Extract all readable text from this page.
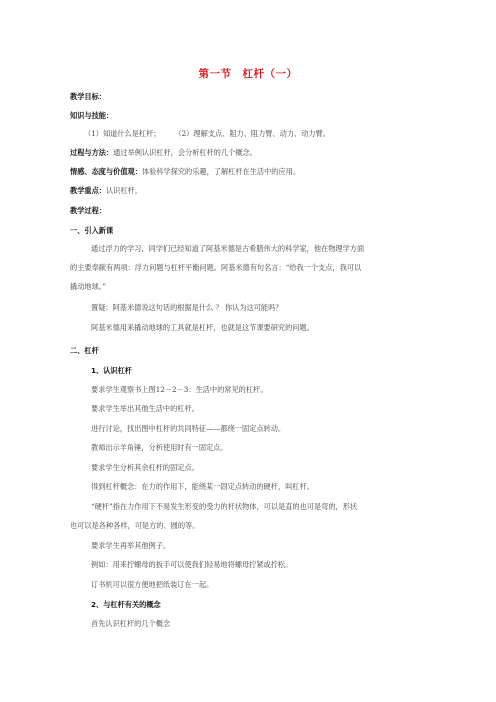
第一节　杠杆（一）
教学目标：
知识与技能：
（1）知道什么是杠杆； （2）理解支点、阻力、阻力臂、动力、动力臂。
过程与方法：通过举例认识杠杆，会分析杠杆的几个概念。
情感、态度与价值观：体验科学探究的乐趣，了解杠杆在生活中的应用。
教学重点：认识杠杆。
教学过程：
一、引入新课
通过浮力的学习，同学们已经知道了阿基米德是古希腊伟大的科学家，他在物理学方面
的主要奉献有两项：浮力问题与杠杆平衡问题。阿基米德有句名言：“给我一个支点，我可以
撬动地球。”
置疑：阿基米德说这句话的根据是什么 ？ 你认为这可能吗？
阿基米德用来撬动地球的工具就是杠杆，也就是这节课要研究的问题。
二、杠杆
1、认识杠杆
要求学生观察书上图12－2－3：生活中的常见的杠杆。
要求学生举出其他生活中的杠杆。
进行讨论，找出图中杠杆的共同特征——都绕一固定点转动。
教师出示羊角锤，分析使用时有一固定点。
要求学生分析其余杠杆的固定点。
得到杠杆概念：在力的作用下，能绕某一固定点转动的硬杆，叫杠杆。
“硬杆”指在力作用下不易发生形变的受力的杆状物体，可以是直的也可是弯的，形状
也可以是各种各样，可是方的、圆的等。
要求学生再举其他例子。
例如：用来拧螺母的扳手可以使我们轻易地将螺母拧紧或拧松。
订书机可以很方便地把纸装订在一起。
2、与杠杆有关的概念
首先认识杠杆的几个概念
